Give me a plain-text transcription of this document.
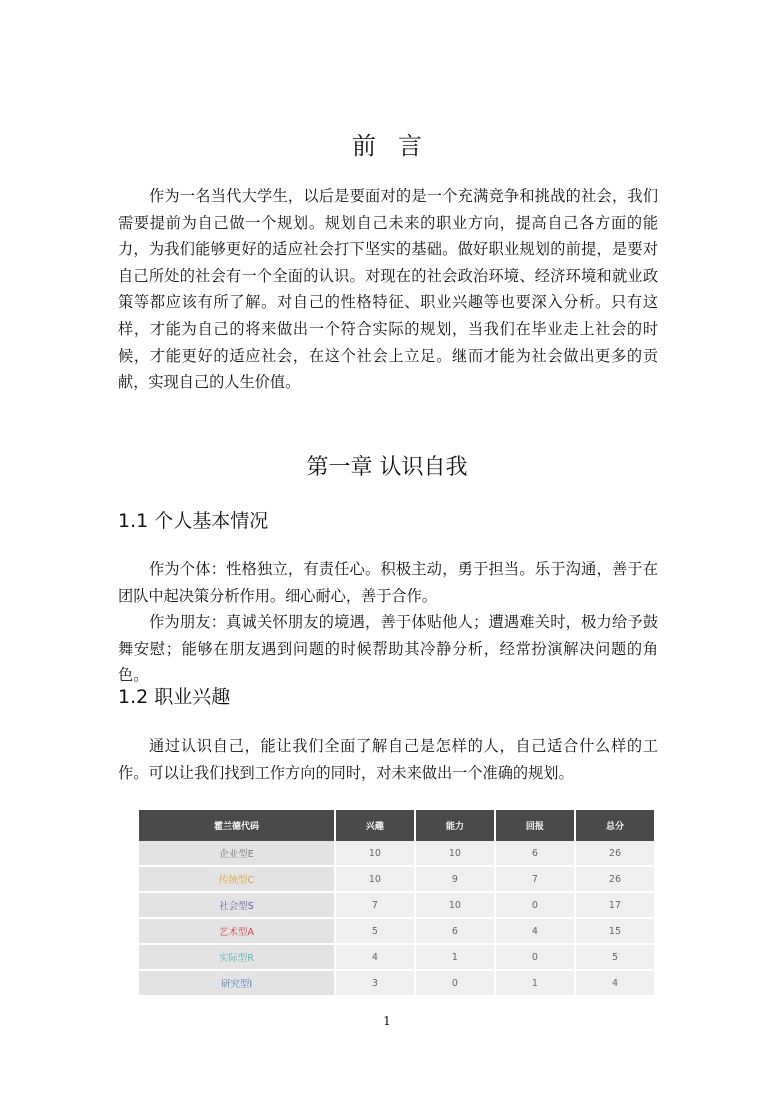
前言

作为一名当代大学生，以后是要面对的是一个充满竞争和挑战的社会，我们需要提前为自己做一个规划。规划自己未来的职业方向，提高自己各方面的能力，为我们能够更好的适应社会打下坚实的基础。做好职业规划的前提，是要对自己所处的社会有一个全面的认识。对现在的社会政治环境、经济环境和就业政策等都应该有所了解。对自己的性格特征、职业兴趣等也要深入分析。只有这样，才能为自己的将来做出一个符合实际的规划，当我们在毕业走上社会的时候，才能更好的适应社会，在这个社会上立足。继而才能为社会做出更多的贡献，实现自己的人生价值。

第一章 认识自我
1.1 个人基本情况

作为个体：性格独立，有责任心。积极主动，勇于担当。乐于沟通，善于在团队中起决策分析作用。细心耐心，善于合作。

作为朋友：真诚关怀朋友的境遇，善于体贴他人；遭遇难关时，极力给予鼓舞安慰；能够在朋友遇到问题的时候帮助其冷静分析，经常扮演解决问题的角色。

1.2 职业兴趣

通过认识自己，能让我们全面了解自己是怎样的人，自己适合什么样的工作。可以让我们找到工作方向的同时，对未来做出一个准确的规划。

霍兰德代码	兴趣	能力	回报	总分
企业型E	10	10	6	26
传统型C	10	9	7	26
社会型S	7	10	0	17
艺术型A	5	6	4	15
实际型R	4	1	0	5
研究型I	3	0	1	4
1
